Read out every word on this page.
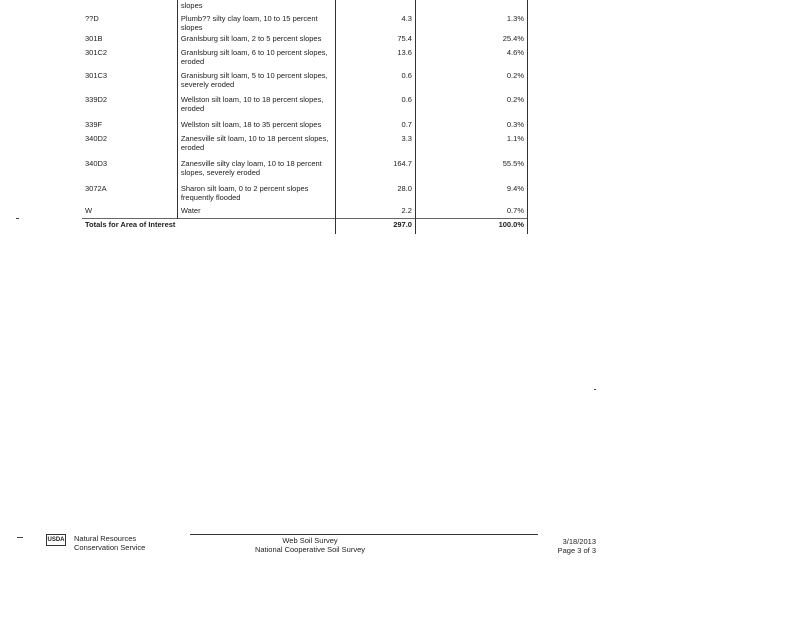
	slopes		
??D	Plumb?? silty clay loam, 10 to 15 percent slopes	4.3	1.3%
301B	Granlsburg silt loam, 2 to 5 percent slopes	75.4	25.4%
301C2	Granlsburg silt loam, 6 to 10 percent slopes, eroded	13.6	4.6%
301C3	Granisburg silt loam, 5 to 10 percent slopes, severely eroded	0.6	0.2%
339D2	Wellston silt loam, 10 to 18 percent slopes, eroded	0.6	0.2%
339F	Wellston silt loam, 18 to 35 percent slopes	0.7	0.3%
340D2	Zanesville silt loam, 10 to 18 percent slopes, eroded	3.3	1.1%
340D3	Zanesville silty clay loam, 10 to 18 percent slopes, severely eroded	164.7	55.5%
3072A	Sharon silt loam, 0 to 2 percent slopes frequently flooded	28.0	9.4%
W	Water	2.2	0.7%
Totals for Area of Interest		297.0	100.0%
USDA Natural Resources
Conservation Service
Web Soil Survey
National Cooperative Soil Survey
3/18/2013
Page 3 of 3
